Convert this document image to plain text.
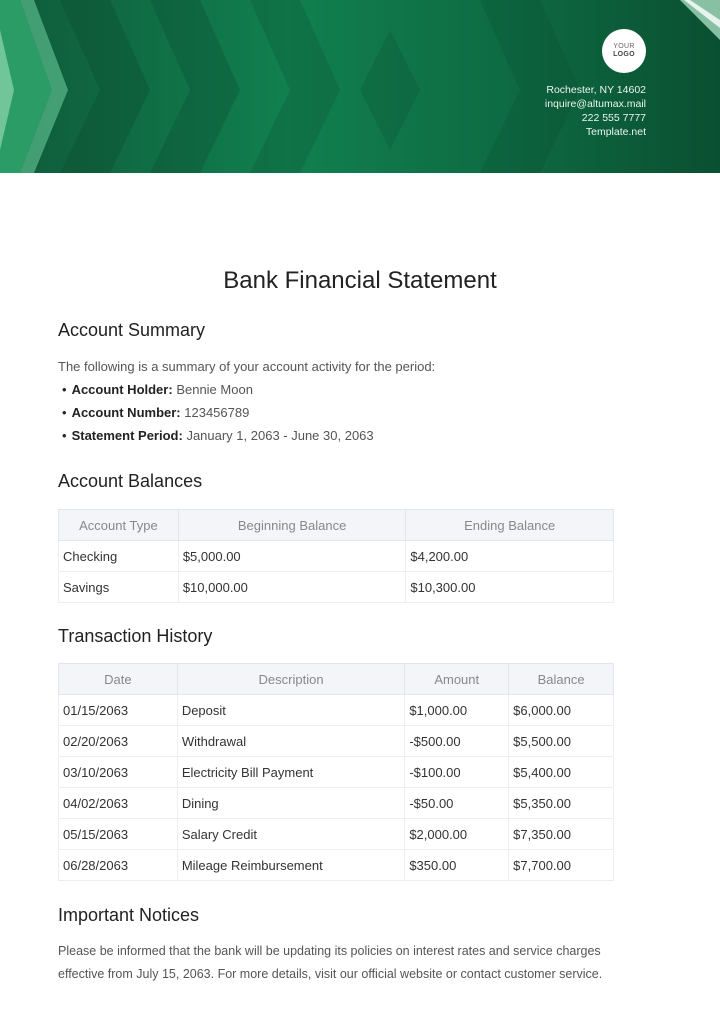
YOUR
LOGO
Rochester, NY 14602
inquire@altumax.mail
222 555 7777
Template.net
Bank Financial Statement
Account Summary
The following is a summary of your account activity for the period:
• Account Holder: Bennie Moon
• Account Number: 123456789
• Statement Period: January 1, 2063 - June 30, 2063
Account Balances
Account Type	Beginning Balance	Ending Balance
Checking	$5,000.00	$4,200.00
Savings	$10,000.00	$10,300.00
Transaction History
Date	Description	Amount	Balance
01/15/2063	Deposit	$1,000.00	$6,000.00
02/20/2063	Withdrawal	-$500.00	$5,500.00
03/10/2063	Electricity Bill Payment	-$100.00	$5,400.00
04/02/2063	Dining	-$50.00	$5,350.00
05/15/2063	Salary Credit	$2,000.00	$7,350.00
06/28/2063	Mileage Reimbursement	$350.00	$7,700.00
Important Notices

Please be informed that the bank will be updating its policies on interest rates and service charges effective from July 15, 2063. For more details, visit our official website or contact customer service.
